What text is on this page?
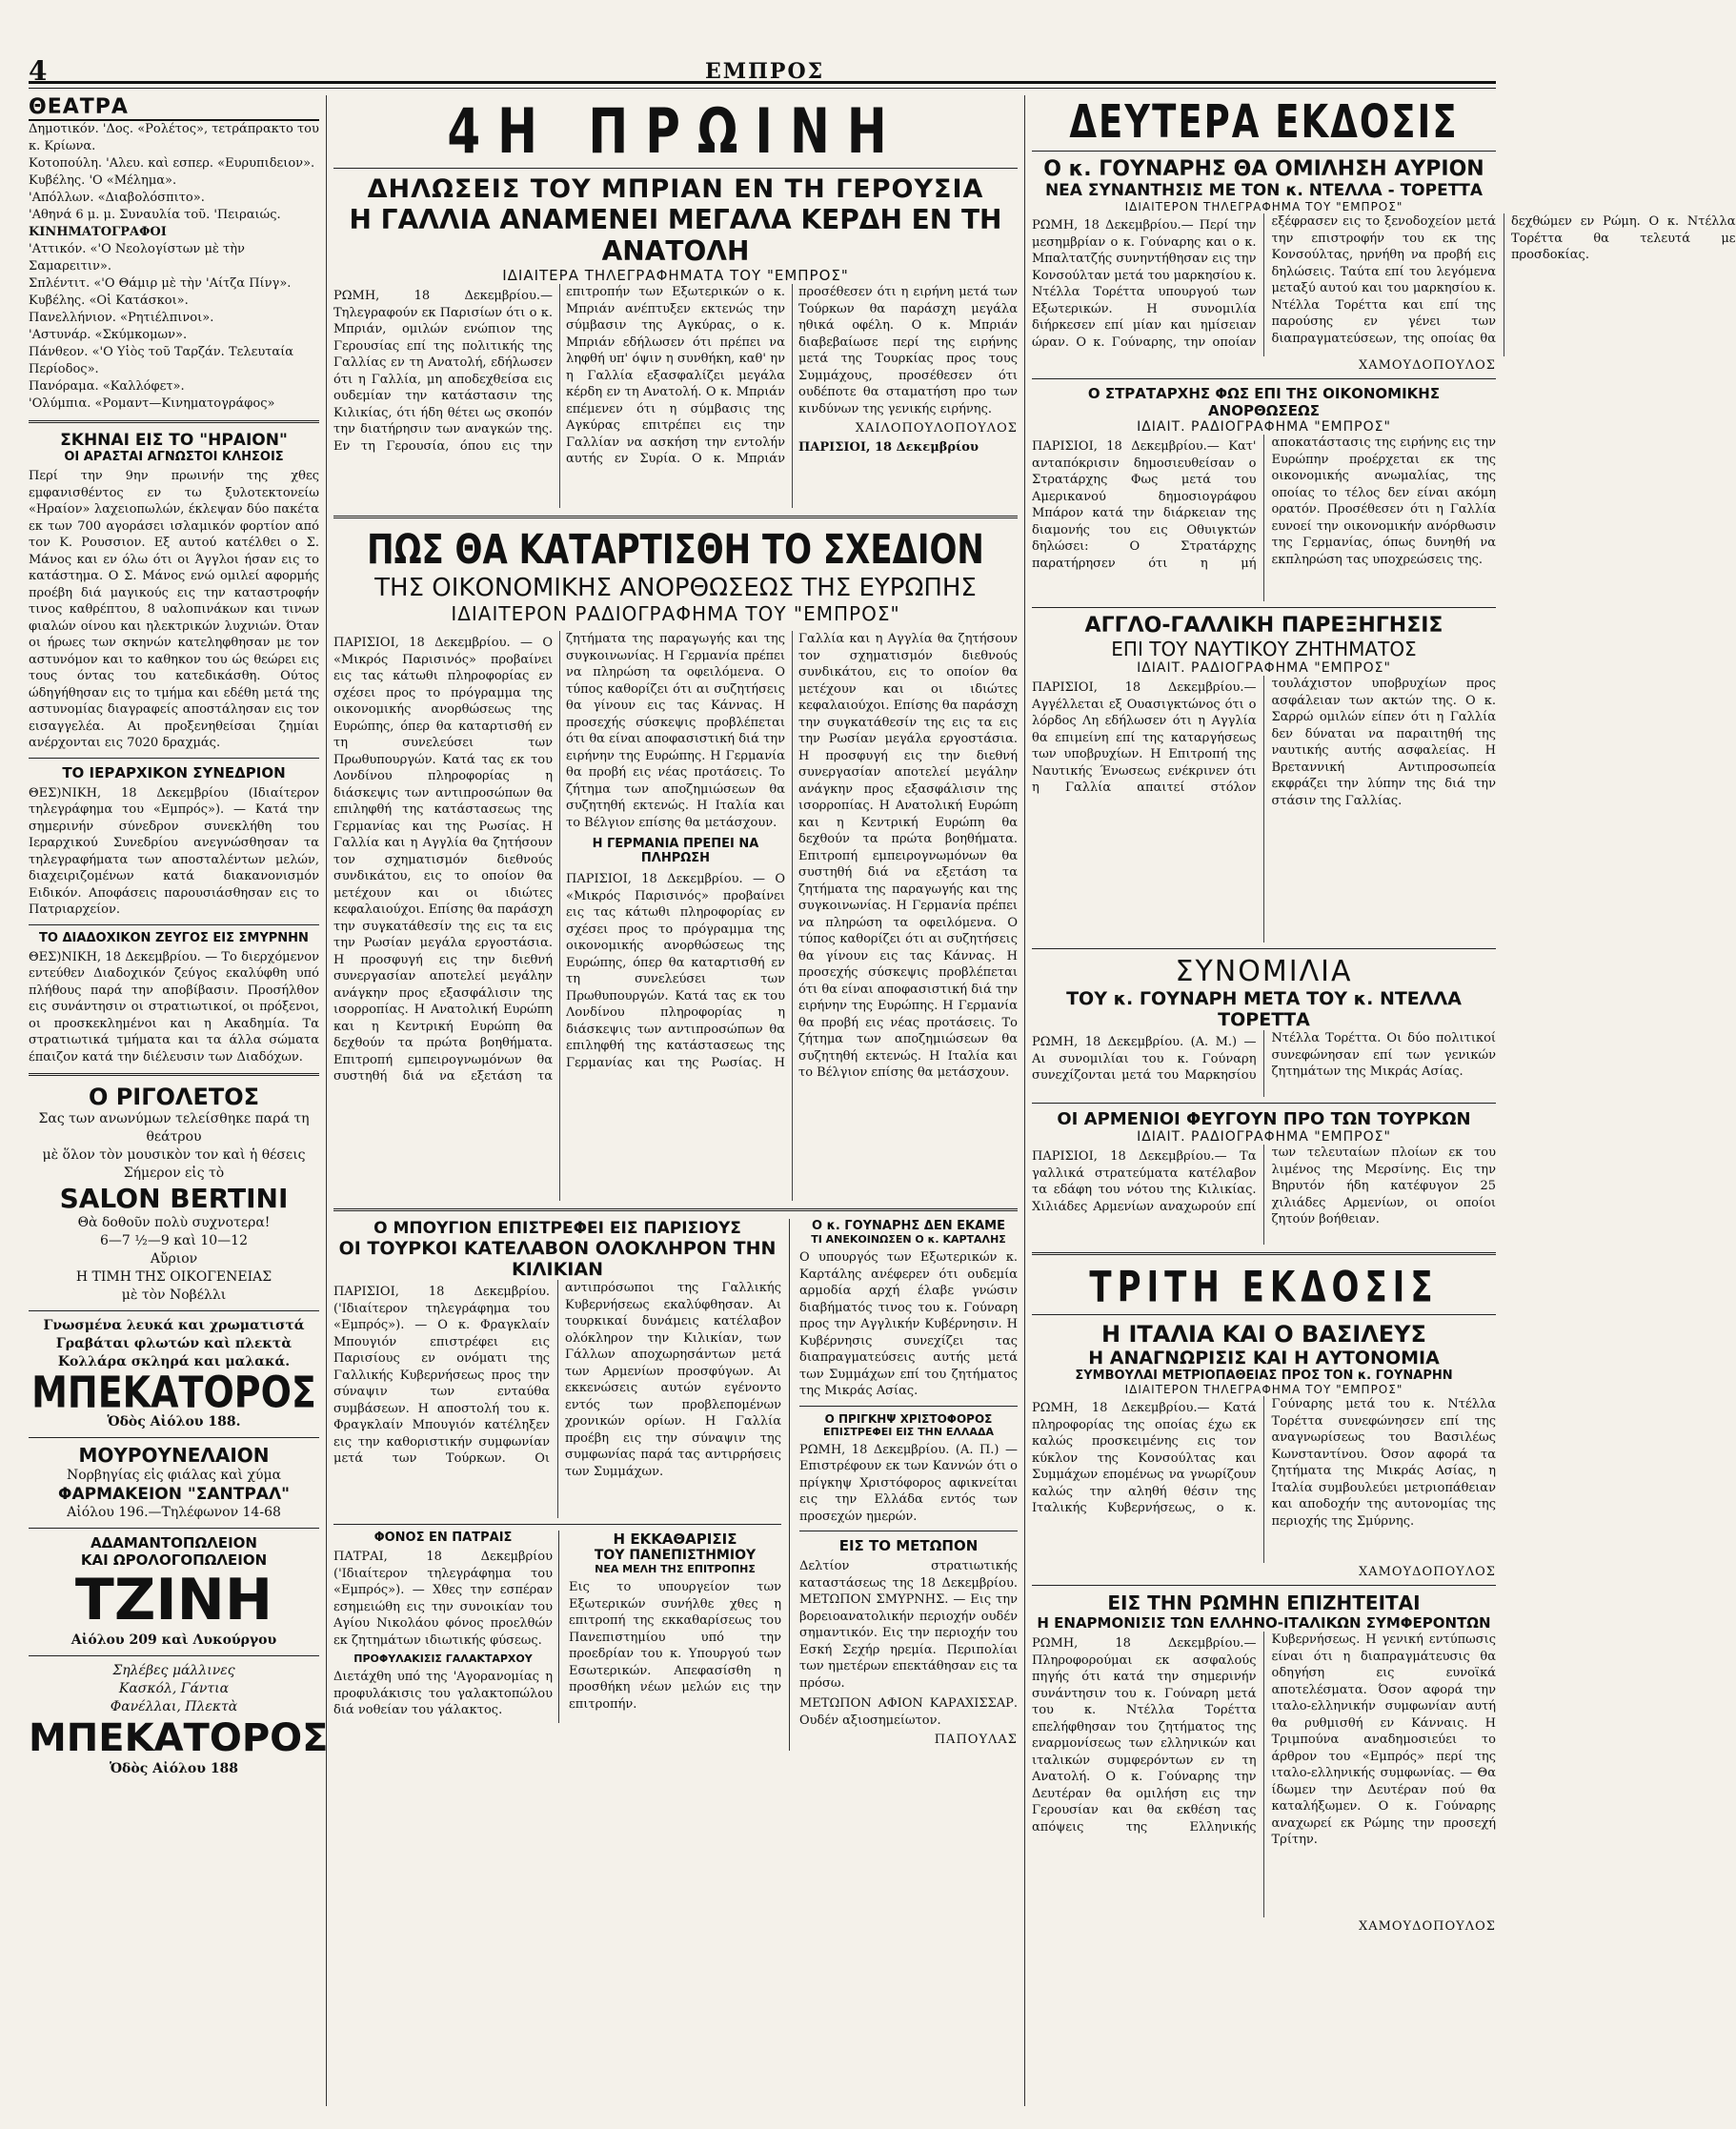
4	ΕΜΠΡΟΣ
ΘΕΑΤΡΑ

Δημοτικόν. 'Δος. «Ρολέτος», τετράπρακτο του κ. Κρίωνα.

Κοτοπούλη. 'Αλευ. καὶ εσπερ. «Ευρυπιδειον».

Κυβέλης. 'Ο «Μέλημα».

'Απόλλων. «Διαβολόσπιτο».

'Αθηνά 6 μ. μ. Συναυλία τοῦ. 'Πειραιώς.

ΚΙΝΗΜΑΤΟΓΡΑΦΟΙ

'Αττικόν. «'Ο Νεολογίστων μὲ τὴν Σαμαρειτιν».

Σπλέντιτ. «'Ο Θάμιρ μὲ τὴν 'Αίτζα Πίνγ».

Κυβέλης. «Οἱ Κατάσκοι».

Πανελλήνιον. «Ρητιέλπινοι».

'Αστυνάρ. «Σκύμκομων».

Πάνθεον. «'Ο Υἱὸς τοῦ Ταρζάν. Τελευταία Περίοδος».

Πανόραμα. «Καλλόφετ».

'Ολύμπια. «Ρομαντ—Κινηματογράφος»

ΣΚΗΝΑΙ ΕΙΣ ΤΟ "ΗΡΑΙΟΝ"
ΟΙ ΑΡΑΣΤΑΙ ΑΓΝΩΣΤΟΙ ΚΛΗΣΟΙΣ

Περί την 9ην πρωινήν της χθες εμφανισθέντος εν τω ξυλοτεκτονείω «Ηραίον» λαχειοπωλών, έκλεψαν δύο πακέτα εκ των 700 αγοράσει ισλαμικόν φορτίον από τον Κ. Ρουσσιον. Εξ αυτού κατέλθει ο Σ. Μάνος και εν όλω ότι οι Άγγλοι ήσαν εις το κατάστημα. Ο Σ. Μάνος ενώ ομιλεί αφορμής προέβη διά μαγικούς εις την καταστροφήν τινος καθρέπτου, 8 υαλοπινάκων και τινων φιαλών οίνου και ηλεκτρικών λυχνιών. Όταν οι ήρωες των σκηνών κατεληφθησαν με τον αστυνόμον και το καθηκον του ώς θεώρει εις τους όντας του κατεδικάσθη. Ούτος ώδηγήθησαν εις το τμήμα και εδέθη μετά της αστυνομίας διαγραφείς αποστάλησαν εις τον εισαγγελέα. Αι προξενηθείσαι ζημίαι ανέρχονται εις 7020 δραχμάς.

ΤΟ ΙΕΡΑΡΧΙΚΟΝ ΣΥΝΕΔΡΙΟΝ

ΘΕΣ)ΝΙΚΗ, 18 Δεκεμβρίου (Ιδιαίτερον τηλεγράφημα του «Εμπρός»). — Κατά την σημερινήν σύνεδρον συνεκλήθη του Ιεραρχικού Συνεδρίου ανεγνώσθησαν τα τηλεγραφήματα των αποσταλέντων μελών, διαχειριζομένων κατά διακανονισμόν Ειδικόν. Αποφάσεις παρουσιάσθησαν εις το Πατριαρχείον.

ΤΟ ΔΙΑΔΟΧΙΚΟΝ ΖΕΥΓΟΣ ΕΙΣ ΣΜΥΡΝΗΝ

ΘΕΣ)ΝΙΚΗ, 18 Δεκεμβρίου. — Το διερχόμενον εντεύθεν Διαδοχικόν ζεύγος εκαλύφθη υπό πλήθους παρά την αποβίβασιν. Προσήλθον εις συνάντησιν οι στρατιωτικοί, οι πρόξενοι, οι προσκεκλημένοι και η Ακαδημία. Τα στρατιωτικά τμήματα και τα άλλα σώματα έπαιζον κατά την διέλευσιν των Διαδόχων.

Ο ΡΙΓΟΛΕΤΟΣ
Σας των ανωνύμων τελείσθηκε παρά τη θεάτρου
μὲ ὅλον τὸν μουσικὸν τον καὶ ἡ θέσεις
Σήμερον εἰς τὸ
SALON BERTINI
Θὰ δοθοῦν πολὺ συχνοτερα!
6—7 ½—9 καὶ 10—12
Αὔριον
Η ΤΙΜΗ ΤΗΣ ΟΙΚΟΓΕΝΕΙΑΣ
μὲ τὸν Νοβέλλι
Γνωσμένα λευκά και χρωματιστά
Γραβάται φλωτών καὶ πλεκτὰ
Κολλάρα σκληρά και μαλακά.
ΜΠΕΚΑΤΟΡΟΣ
Ὁδὸς Αἰόλου 188.
ΜΟΥΡΟΥΝΕΛΑΙΟΝ
Νορβηγίας εἰς φιάλας καὶ χύμα
ΦΑΡΜΑΚΕΙΟΝ "ΣΑΝΤΡΑΛ"
Αἰόλου 196.—Τηλέφωνον 14-68
ΑΔΑΜΑΝΤΟΠΩΛΕΙΟΝ
ΚΑΙ ΩΡΟΛΟΓΟΠΩΛΕΙΟΝ
ΤΖΙΝΗ
Αἰόλου 209 καὶ Λυκούργου
Σηλέβες μάλλινες
Κασκόλ, Γάντια
Φανέλλαι, Πλεκτὰ
ΜΠΕΚΑΤΟΡΟΣ
Ὁδὸς Αἰόλου 188
4Η ΠΡΩΙΝΗ
ΔΗΛΩΣΕΙΣ ΤΟΥ ΜΠΡΙΑΝ ΕΝ ΤΗ ΓΕΡΟΥΣΙΑ
Η ΓΑΛΛΙΑ ΑΝΑΜΕΝΕΙ ΜΕΓΑΛΑ ΚΕΡΔΗ ΕΝ ΤΗ ΑΝΑΤΟΛΗ
ΙΔΙΑΙΤΕΡΑ ΤΗΛΕΓΡΑΦΗΜΑΤΑ ΤΟΥ "ΕΜΠΡΟΣ"

ΡΩΜΗ, 18 Δεκεμβρίου.— Τηλεγραφούν εκ Παρισίων ότι ο κ. Μπριάν, ομιλών ενώπιον της Γερουσίας επί της πολιτικής της Γαλλίας εν τη Ανατολή, εδήλωσεν ότι η Γαλλία, μη αποδεχθείσα εις ουδεμίαν την κατάστασιν της Κιλικίας, ότι ήδη θέτει ως σκοπόν την διατήρησιν των αναγκών της. Εν τη Γερουσία, όπου εις την επιτροπήν των Εξωτερικών ο κ. Μπριάν ανέπτυξεν εκτενώς την σύμβασιν της Αγκύρας, ο κ. Μπριάν εδήλωσεν ότι πρέπει να ληφθή υπ' όψιν η συνθήκη, καθ' ην η Γαλλία εξασφαλίζει μεγάλα κέρδη εν τη Ανατολή. Ο κ. Μπριάν επέμενεν ότι η σύμβασις της Αγκύρας επιτρέπει εις την Γαλλίαν να ασκήση την εντολήν αυτής εν Συρία. Ο κ. Μπριάν προσέθεσεν ότι η ειρήνη μετά των Τούρκων θα παράσχη μεγάλα ηθικά οφέλη. Ο κ. Μπριάν διαβεβαίωσε περί της ειρήνης μετά της Τουρκίας προς τους Συμμάχους, προσέθεσεν ότι ουδέποτε θα σταματήση προ των κινδύνων της γενικής ειρήνης.

ΧΑΙΛΟΠΟΥΛΟΠΟΥΛΟΣ

ΠΑΡΙΣΙΟΙ, 18 Δεκεμβρίου

ΠΩΣ ΘΑ ΚΑΤΑΡΤΙΣΘΗ ΤΟ ΣΧΕΔΙΟΝ
ΤΗΣ ΟΙΚΟΝΟΜΙΚΗΣ ΑΝΟΡΘΩΣΕΩΣ ΤΗΣ ΕΥΡΩΠΗΣ
ΙΔΙΑΙΤΕΡΟΝ ΡΑΔΙΟΓΡΑΦΗΜΑ ΤΟΥ "ΕΜΠΡΟΣ"

ΠΑΡΙΣΙΟΙ, 18 Δεκεμβρίου. — Ο «Μικρός Παρισινός» προβαίνει εις τας κάτωθι πληροφορίας εν σχέσει προς το πρόγραμμα της οικονομικής ανορθώσεως της Ευρώπης, όπερ θα καταρτισθή εν τη συνελεύσει των Πρωθυπουργών. Κατά τας εκ του Λονδίνου πληροφορίας η διάσκεψις των αντιπροσώπων θα επιληφθή της κατάστασεως της Γερμανίας και της Ρωσίας. Η Γαλλία και η Αγγλία θα ζητήσουν τον σχηματισμόν διεθνούς συνδικάτου, εις το οποίον θα μετέχουν και οι ιδιώτες κεφαλαιούχοι. Επίσης θα παράσχη την συγκατάθεσίν της εις τα εις την Ρωσίαν μεγάλα εργοστάσια. Η προσφυγή εις την διεθνή συνεργασίαν αποτελεί μεγάλην ανάγκην προς εξασφάλισιν της ισορροπίας. Η Ανατολική Ευρώπη και η Κεντρική Ευρώπη θα δεχθούν τα πρώτα βοηθήματα. Επιτροπή εμπειρογνωμόνων θα συστηθή διά να εξετάση τα ζητήματα της παραγωγής και της συγκοινωνίας. Η Γερμανία πρέπει να πληρώση τα οφειλόμενα. Ο τύπος καθορίζει ότι αι συζητήσεις θα γίνουν εις τας Κάννας. Η προσεχής σύσκεψις προβλέπεται ότι θα είναι αποφασιστική διά την ειρήνην της Ευρώπης. Η Γερμανία θα προβή εις νέας προτάσεις. Το ζήτημα των αποζημιώσεων θα συζητηθή εκτενώς. Η Ιταλία και το Βέλγιον επίσης θα μετάσχουν.

Η ΓΕΡΜΑΝΙΑ ΠΡΕΠΕΙ ΝΑ ΠΛΗΡΩΣΗ

ΠΑΡΙΣΙΟΙ, 18 Δεκεμβρίου. — Ο «Μικρός Παρισινός» προβαίνει εις τας κάτωθι πληροφορίας εν σχέσει προς το πρόγραμμα της οικονομικής ανορθώσεως της Ευρώπης, όπερ θα καταρτισθή εν τη συνελεύσει των Πρωθυπουργών. Κατά τας εκ του Λονδίνου πληροφορίας η διάσκεψις των αντιπροσώπων θα επιληφθή της κατάστασεως της Γερμανίας και της Ρωσίας. Η Γαλλία και η Αγγλία θα ζητήσουν τον σχηματισμόν διεθνούς συνδικάτου, εις το οποίον θα μετέχουν και οι ιδιώτες κεφαλαιούχοι. Επίσης θα παράσχη την συγκατάθεσίν της εις τα εις την Ρωσίαν μεγάλα εργοστάσια. Η προσφυγή εις την διεθνή συνεργασίαν αποτελεί μεγάλην ανάγκην προς εξασφάλισιν της ισορροπίας. Η Ανατολική Ευρώπη και η Κεντρική Ευρώπη θα δεχθούν τα πρώτα βοηθήματα. Επιτροπή εμπειρογνωμόνων θα συστηθή διά να εξετάση τα ζητήματα της παραγωγής και της συγκοινωνίας. Η Γερμανία πρέπει να πληρώση τα οφειλόμενα. Ο τύπος καθορίζει ότι αι συζητήσεις θα γίνουν εις τας Κάννας. Η προσεχής σύσκεψις προβλέπεται ότι θα είναι αποφασιστική διά την ειρήνην της Ευρώπης. Η Γερμανία θα προβή εις νέας προτάσεις. Το ζήτημα των αποζημιώσεων θα συζητηθή εκτενώς. Η Ιταλία και το Βέλγιον επίσης θα μετάσχουν.

Ο ΜΠΟΥΓΙΟΝ ΕΠΙΣΤΡΕΦΕΙ ΕΙΣ ΠΑΡΙΣΙΟΥΣ
ΟΙ ΤΟΥΡΚΟΙ ΚΑΤΕΛΑΒΟΝ ΟΛΟΚΛΗΡΟΝ ΤΗΝ ΚΙΛΙΚΙΑΝ

ΠΑΡΙΣΙΟΙ, 18 Δεκεμβρίου. ('Ιδιαίτερον τηλεγράφημα του «Εμπρός»). — Ο κ. Φραγκλαίν Μπουγιόν επιστρέφει εις Παρισίους εν ονόματι της Γαλλικής Κυβερνήσεως προς την σύναψιν των ενταύθα συμβάσεων. Η αποστολή του κ. Φραγκλαίν Μπουγιόν κατέληξεν εις την καθοριστικήν συμφωνίαν μετά των Τούρκων. Οι αντιπρόσωποι της Γαλλικής Κυβερνήσεως εκαλύφθησαν. Αι τουρκικαί δυνάμεις κατέλαβον ολόκληρον την Κιλικίαν, των Γάλλων αποχωρησάντων μετά των Αρμενίων προσφύγων. Αι εκκενώσεις αυτών εγένοντο εντός των προβλεπομένων χρονικών ορίων. Η Γαλλία προέβη εις την σύναψιν της συμφωνίας παρά τας αντιρρήσεις των Συμμάχων.

ΦΟΝΟΣ ΕΝ ΠΑΤΡΑΙΣ

ΠΑΤΡΑΙ, 18 Δεκεμβρίου ('Ιδιαίτερον τηλεγράφημα του «Εμπρός»). — Χθες την εσπέραν εσημειώθη εις την συνοικίαν του Αγίου Νικολάου φόνος προελθών εκ ζητημάτων ιδιωτικής φύσεως.

ΠΡΟΦΥΛΑΚΙΣΙΣ ΓΑΛΑΚΤΑΡΧΟΥ

Διετάχθη υπό της 'Αγορανομίας η προφυλάκισις του γαλακτοπώλου διά νοθείαν του γάλακτος.

Η ΕΚΚΑΘΑΡΙΣΙΣ
ΤΟΥ ΠΑΝΕΠΙΣΤΗΜΙΟΥ
ΝΕΑ ΜΕΛΗ ΤΗΣ ΕΠΙΤΡΟΠΗΣ

Εις το υπουργείον των Εξωτερικών συνήλθε χθες η επιτροπή της εκκαθαρίσεως του Πανεπιστημίου υπό την προεδρίαν του κ. Υπουργού των Εσωτερικών. Απεφασίσθη η προσθήκη νέων μελών εις την επιτροπήν.

Ο κ. ΓΟΥΝΑΡΗΣ ΔΕΝ ΕΚΑΜΕ
ΤΙ ΑΝΕΚΟΙΝΩΣΕΝ Ο κ. ΚΑΡΤΑΛΗΣ

Ο υπουργός των Εξωτερικών κ. Καρτάλης ανέφερεν ότι ουδεμία αρμοδία αρχή έλαβε γνώσιν διαβήματός τινος του κ. Γούναρη προς την Αγγλικήν Κυβέρνησιν. Η Κυβέρνησις συνεχίζει τας διαπραγματεύσεις αυτής μετά των Συμμάχων επί του ζητήματος της Μικράς Ασίας.

Ο ΠΡΙΓΚΗΨ ΧΡΙΣΤΟΦΟΡΟΣ
ΕΠΙΣΤΡΕΦΕΙ ΕΙΣ ΤΗΝ ΕΛΛΑΔΑ

ΡΩΜΗ, 18 Δεκεμβρίου. (Α. Π.) — Επιστρέφουν εκ των Καννών ότι ο πρίγκηψ Χριστόφορος αφικνείται εις την Ελλάδα εντός των προσεχών ημερών.

ΕΙΣ ΤΟ ΜΕΤΩΠΟΝ

Δελτίον στρατιωτικής καταστάσεως της 18 Δεκεμβρίου. ΜΕΤΩΠΟΝ ΣΜΥΡΝΗΣ. — Εις την βορειοανατολικήν περιοχήν ουδέν σημαντικόν. Εις την περιοχήν του Εσκή Σεχήρ ηρεμία. Περιπολίαι των ημετέρων επεκτάθησαν εις τα πρόσω.

ΜΕΤΩΠΟΝ ΑΦΙΟΝ ΚΑΡΑΧΙΣΣΑΡ. Ουδέν αξιοσημείωτον.

ΠΑΠΟΥΛΑΣ
ΔΕΥΤΕΡΑ ΕΚΔΟΣΙΣ
Ο κ. ΓΟΥΝΑΡΗΣ ΘΑ ΟΜΙΛΗΣΗ ΑΥΡΙΟΝ
ΝΕΑ ΣΥΝΑΝΤΗΣΙΣ ΜΕ ΤΟΝ κ. ΝΤΕΛΛΑ - ΤΟΡΕΤΤΑ
ΙΔΙΑΙΤΕΡΟΝ ΤΗΛΕΓΡΑΦΗΜΑ ΤΟΥ "ΕΜΠΡΟΣ"

ΡΩΜΗ, 18 Δεκεμβρίου.— Περί την μεσημβρίαν ο κ. Γούναρης και ο κ. Μπαλτατζής συνηντήθησαν εις την Κονσούλταν μετά του μαρκησίου κ. Ντέλλα Τορέττα υπουργού των Εξωτερικών. Η συνομιλία διήρκεσεν επί μίαν και ημίσειαν ώραν. Ο κ. Γούναρης, την οποίαν εξέφρασεν εις το ξενοδοχείον μετά την επιστροφήν του εκ της Κονσούλτας, ηρνήθη να προβή εις δηλώσεις. Ταύτα επί του λεγόμενα μεταξύ αυτού και του μαρκησίου κ. Ντέλλα Τορέττα και επί της παρούσης εν γένει των διαπραγματεύσεων, της οποίας θα δεχθώμεν εν Ρώμη. Ο κ. Ντέλλα Τορέττα θα τελευτά με προσδοκίας.

ΧΑΜΟΥΔΟΠΟΥΛΟΣ
Ο ΣΤΡΑΤΑΡΧΗΣ ΦΩΣ ΕΠΙ ΤΗΣ ΟΙΚΟΝΟΜΙΚΗΣ ΑΝΟΡΘΩΣΕΩΣ
ΙΔΙΑΙΤ. ΡΑΔΙΟΓΡΑΦΗΜΑ "ΕΜΠΡΟΣ"

ΠΑΡΙΣΙΟΙ, 18 Δεκεμβρίου.— Κατ' ανταπόκρισιν δημοσιευθείσαν ο Στρατάρχης Φως μετά του Αμερικανού δημοσιογράφου Μπάρον κατά την διάρκειαν της διαμονής του εις Οθυιγκτών δηλώσει: Ο Στρατάρχης παρατήρησεν ότι η μή αποκατάστασις της ειρήνης εις την Ευρώπην προέρχεται εκ της οικονομικής ανωμαλίας, της οποίας το τέλος δεν είναι ακόμη ορατόν. Προσέθεσεν ότι η Γαλλία ευνοεί την οικονομικήν ανόρθωσιν της Γερμανίας, όπως δυνηθή να εκπληρώση τας υποχρεώσεις της.

ΑΓΓΛΟ-ΓΑΛΛΙΚΗ ΠΑΡΕΞΗΓΗΣΙΣ
ΕΠΙ ΤΟΥ ΝΑΥΤΙΚΟΥ ΖΗΤΗΜΑΤΟΣ
ΙΔΙΑΙΤ. ΡΑΔΙΟΓΡΑΦΗΜΑ "ΕΜΠΡΟΣ"

ΠΑΡΙΣΙΟΙ, 18 Δεκεμβρίου.— Αγγέλλεται εξ Ουασιγκτώνος ότι ο λόρδος Λη εδήλωσεν ότι η Αγγλία θα επιμείνη επί της καταργήσεως των υποβρυχίων. Η Επιτροπή της Ναυτικής Ένωσεως ενέκρινεν ότι η Γαλλία απαιτεί στόλον τουλάχιστον υποβρυχίων προς ασφάλειαν των ακτών της. Ο κ. Σαρρώ ομιλών είπεν ότι η Γαλλία δεν δύναται να παραιτηθή της ναυτικής αυτής ασφαλείας. Η Βρεταννική Αντιπροσωπεία εκφράζει την λύπην της διά την στάσιν της Γαλλίας.

ΣΥΝΟΜΙΛΙΑ
ΤΟΥ κ. ΓΟΥΝΑΡΗ ΜΕΤΑ ΤΟΥ κ. ΝΤΕΛΛΑ ΤΟΡΕΤΤΑ

ΡΩΜΗ, 18 Δεκεμβρίου. (Α. Μ.) — Αι συνομιλίαι του κ. Γούναρη συνεχίζονται μετά του Μαρκησίου Ντέλλα Τορέττα. Οι δύο πολιτικοί συνεφώνησαν επί των γενικών ζητημάτων της Μικράς Ασίας.

ΟΙ ΑΡΜΕΝΙΟΙ ΦΕΥΓΟΥΝ ΠΡΟ ΤΩΝ ΤΟΥΡΚΩΝ
ΙΔΙΑΙΤ. ΡΑΔΙΟΓΡΑΦΗΜΑ "ΕΜΠΡΟΣ"

ΠΑΡΙΣΙΟΙ, 18 Δεκεμβρίου.— Τα γαλλικά στρατεύματα κατέλαβον τα εδάφη του νότου της Κιλικίας. Χιλιάδες Αρμενίων αναχωρούν επί των τελευταίων πλοίων εκ του λιμένος της Μερσίνης. Εις την Βηρυτόν ήδη κατέφυγον 25 χιλιάδες Αρμενίων, οι οποίοι ζητούν βοήθειαν.

ΤΡΙΤΗ ΕΚΔΟΣΙΣ
Η ΙΤΑΛΙΑ ΚΑΙ Ο ΒΑΣΙΛΕΥΣ
Η ΑΝΑΓΝΩΡΙΣΙΣ ΚΑΙ Η ΑΥΤΟΝΟΜΙΑ
ΣΥΜΒΟΥΛΑΙ ΜΕΤΡΙΟΠΑΘΕΙΑΣ ΠΡΟΣ ΤΟΝ κ. ΓΟΥΝΑΡΗΝ
ΙΔΙΑΙΤΕΡΟΝ ΤΗΛΕΓΡΑΦΗΜΑ ΤΟΥ "ΕΜΠΡΟΣ"

ΡΩΜΗ, 18 Δεκεμβρίου.— Κατά πληροφορίας της οποίας έχω εκ καλώς προσκειμένης εις τον κύκλον της Κονσούλτας και Συμμάχων επομένως να γνωρίζουν καλώς την αληθή θέσιν της Ιταλικής Κυβερνήσεως, ο κ. Γούναρης μετά του κ. Ντέλλα Τορέττα συνεφώνησεν επί της αναγνωρίσεως του Βασιλέως Κωνσταντίνου. Όσον αφορά τα ζητήματα της Μικράς Ασίας, η Ιταλία συμβουλεύει μετριοπάθειαν και αποδοχήν της αυτονομίας της περιοχής της Σμύρνης.

ΧΑΜΟΥΔΟΠΟΥΛΟΣ
ΕΙΣ ΤΗΝ ΡΩΜΗΝ ΕΠΙΖΗΤΕΙΤΑΙ
Η ΕΝΑΡΜΟΝΙΣΙΣ ΤΩΝ ΕΛΛΗΝΟ-ΙΤΑΛΙΚΩΝ ΣΥΜΦΕΡΟΝΤΩΝ

ΡΩΜΗ, 18 Δεκεμβρίου.— Πληροφορούμαι εκ ασφαλούς πηγής ότι κατά την σημερινήν συνάντησιν του κ. Γούναρη μετά του κ. Ντέλλα Τορέττα επελήφθησαν του ζητήματος της εναρμονίσεως των ελληνικών και ιταλικών συμφερόντων εν τη Ανατολή. Ο κ. Γούναρης την Δευτέραν θα ομιλήση εις την Γερουσίαν και θα εκθέση τας απόψεις της Ελληνικής Κυβερνήσεως. Η γενική εντύπωσις είναι ότι η διαπραγμάτευσις θα οδηγήση εις ευνοϊκά αποτελέσματα. Όσον αφορά την ιταλο-ελληνικήν συμφωνίαν αυτή θα ρυθμισθή εν Κάνναις. Η Τριμπούνα αναδημοσιεύει το άρθρον του «Εμπρός» περί της ιταλο-ελληνικής συμφωνίας. — Θα ίδωμεν την Δευτέραν πού θα καταλήξωμεν. Ο κ. Γούναρης αναχωρεί εκ Ρώμης την προσεχή Τρίτην.

ΧΑΜΟΥΔΟΠΟΥΛΟΣ
